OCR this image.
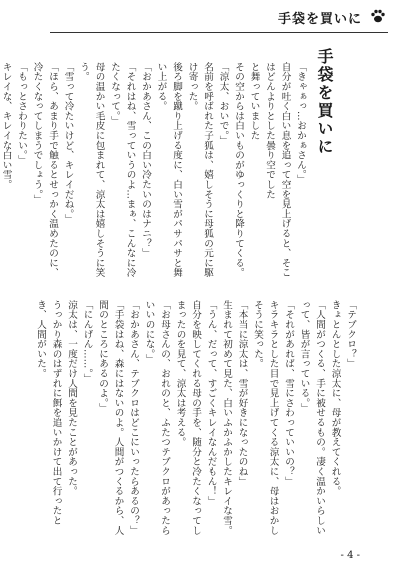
手袋を買いに
手袋を買いに

「きゃぁっ…おかぁさん。」

自分が吐く白い息を追って空を見上げると、そこはどんよりとした曇り空でした

と舞っていました

その空からは白いものがゆっくりと降りてくる。

「涼太、おいで。」

名前を呼ばれた子狐は、嬉しそうに母狐の元に駆け寄った。

後ろ脚を蹴り上げる度に、白い雪がパサパサと舞い上がる。

「おかあさん、この白い冷たいのはナニ？」

「それはね、雪っていうのよ…まぁ、こんなに冷たくなって。」

母の温かい毛皮に包まれて、涼太は嬉しそうに笑う。

「雪って冷たいけど、キレイだね。」

「ほら、あまり手で触るとせっかく温めたのに、冷たくなってしまうでしょう。」

「もっとさわりたい。」

キレイな、キレイな白い雪。

「テブクロ？」

きょとんとした涼太に、母が教えてくれる。

「人間がつくる、手に被せるもの。凄く温かいらしいって、皆が言っている。」

「それがあれば、雪にさわっていいの？」

キラキラとした目で見上げてくる涼太に、母はおかしそうに笑った。

「本当に涼太は、雪が好きになったのね」

生まれて初めて見た、白いふかふかしたキレイな雪。

「うん、だって、すごくキレイなんだもん！」

自分を映してくれる母の手を、随分と冷たくなってしまったのを見て、涼太は考える。

「お母さんの、おれのと、ふたつテブクロがあったらいいのにな。」

「おかあさん、テブクロはどこにいったらあるの？」

「手袋はね、森にはないのよ。人間がつくるから、人間のところにあるのよ。」

「にんげん……。」

涼太は、一度だけ人間を見たことがあった。

うっかり森のはずれに餌を追いかけて出て行ったとき、人間がいた。

- 4 -
